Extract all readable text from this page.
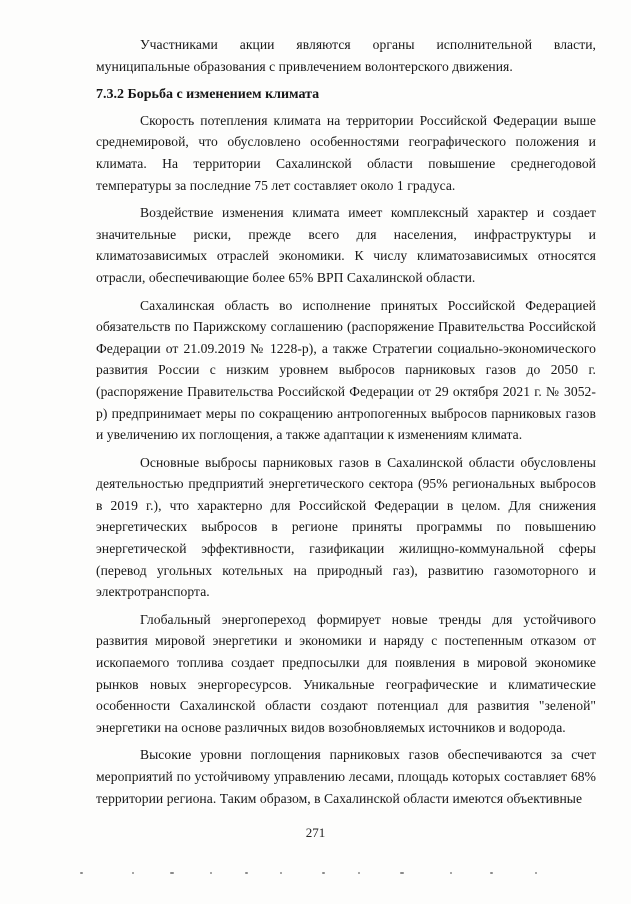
Участниками акции являются органы исполнительной власти, муниципальные образования с привлечением волонтерского движения.

7.3.2 Борьба с изменением климата

Скорость потепления климата на территории Российской Федерации выше среднемировой, что обусловлено особенностями географического положения и климата. На территории Сахалинской области повышение среднегодовой температуры за последние 75 лет составляет около 1 градуса.

Воздействие изменения климата имеет комплексный характер и создает значительные риски, прежде всего для населения, инфраструктуры и климатозависимых отраслей экономики. К числу климатозависимых относятся отрасли, обеспечивающие более 65% ВРП Сахалинской области.

Сахалинская область во исполнение принятых Российской Федерацией обязательств по Парижскому соглашению (распоряжение Правительства Российской Федерации от 21.09.2019 № 1228-р), а также Стратегии социально-экономического развития России с низким уровнем выбросов парниковых газов до 2050 г. (распоряжение Правительства Российской Федерации от 29 октября 2021 г. № 3052-р) предпринимает меры по сокращению антропогенных выбросов парниковых газов и увеличению их поглощения, а также адаптации к изменениям климата.

Основные выбросы парниковых газов в Сахалинской области обусловлены деятельностью предприятий энергетического сектора (95% региональных выбросов в 2019 г.), что характерно для Российской Федерации в целом. Для снижения энергетических выбросов в регионе приняты программы по повышению энергетической эффективности, газификации жилищно-коммунальной сферы (перевод угольных котельных на природный газ), развитию газомоторного и электротранспорта.

Глобальный энергопереход формирует новые тренды для устойчивого развития мировой энергетики и экономики и наряду с постепенным отказом от ископаемого топлива создает предпосылки для появления в мировой экономике рынков новых энергоресурсов. Уникальные географические и климатические особенности Сахалинской области создают потенциал для развития "зеленой" энергетики на основе различных видов возобновляемых источников и водорода.

Высокие уровни поглощения парниковых газов обеспечиваются за счет мероприятий по устойчивому управлению лесами, площадь которых составляет 68% территории региона. Таким образом, в Сахалинской области имеются объективные

271
